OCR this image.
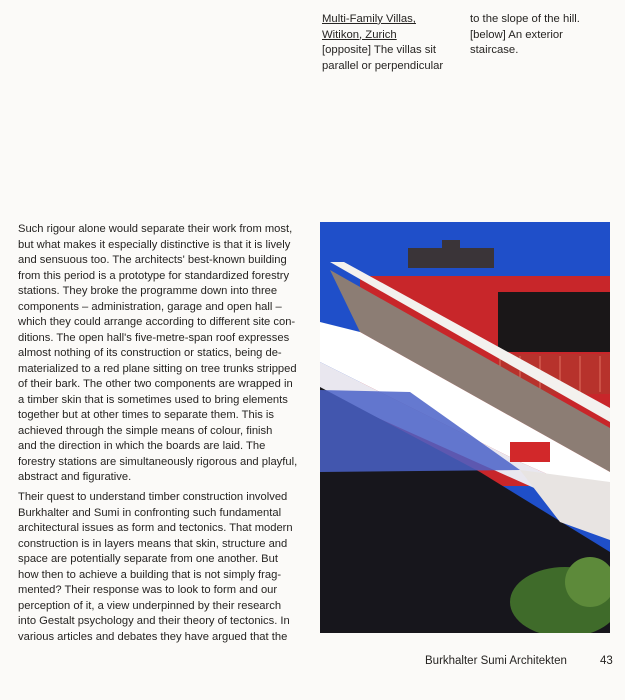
Multi-Family Villas,
Witikon, Zurich
[opposite] The villas sit
parallel or perpendicular
to the slope of the hill.
[below] An exterior
staircase.
Such rigour alone would separate their work from most,
but what makes it especially distinctive is that it is lively
and sensuous too. The architects' best-known building
from this period is a prototype for standardized forestry
stations. They broke the programme down into three
components – administration, garage and open hall –
which they could arrange according to different site con-
ditions. The open hall's five-metre-span roof expresses
almost nothing of its construction or statics, being de-
materialized to a red plane sitting on tree trunks stripped
of their bark. The other two components are wrapped in
a timber skin that is sometimes used to bring elements
together but at other times to separate them. This is
achieved through the simple means of colour, finish
and the direction in which the boards are laid. The
forestry stations are simultaneously rigorous and playful,
abstract and figurative.
Their quest to understand timber construction involved
Burkhalter and Sumi in confronting such fundamental
architectural issues as form and tectonics. That modern
construction is in layers means that skin, structure and
space are potentially separate from one another. But
how then to achieve a building that is not simply frag-
mented? Their response was to look to form and our
perception of it, a view underpinned by their research
into Gestalt psychology and their theory of tectonics. In
various articles and debates they have argued that the
Burkhalter Sumi Architekten	43
